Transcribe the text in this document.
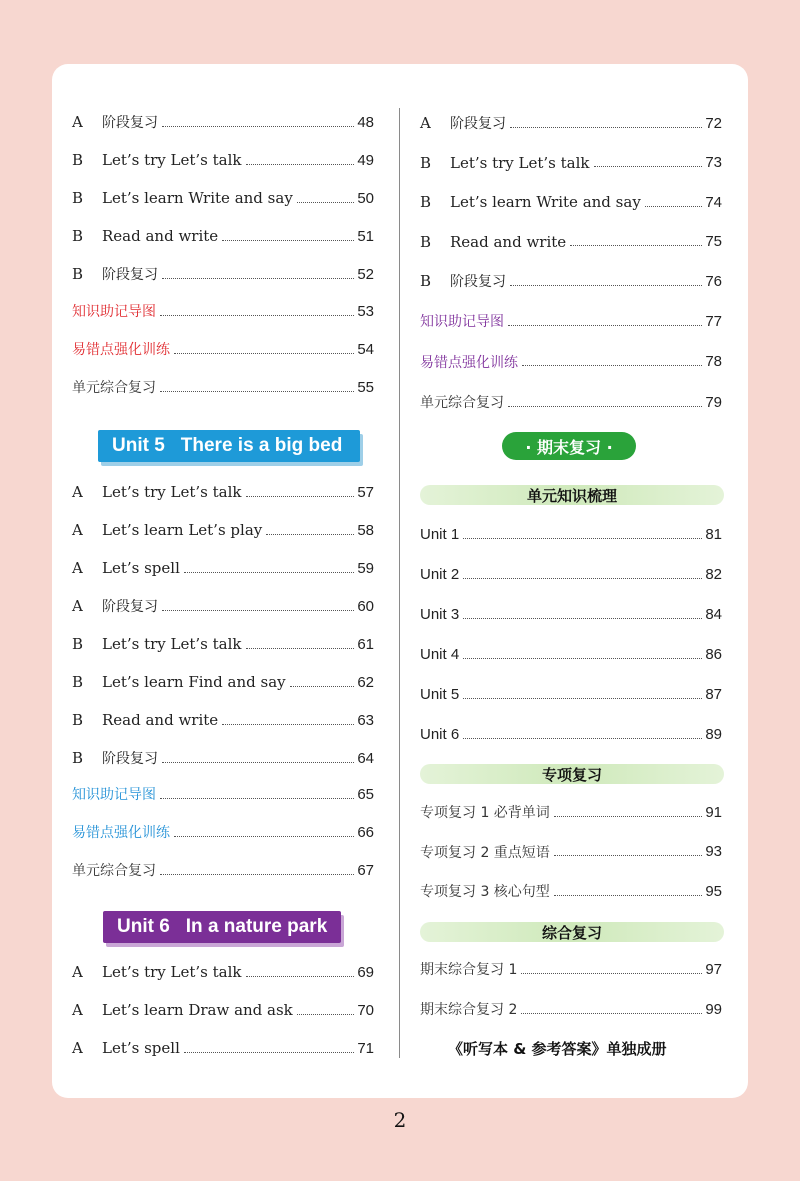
A	阶段复习	48
B	Let’s try Let’s talk	49
B	Let’s learn Write and say	50
B	Read and write	51
B	阶段复习	52
知识助记导图	53
易错点强化训练	54
单元综合复习	55
A	Let’s try Let’s talk	57
A	Let’s learn Let’s play	58
A	Let’s spell	59
A	阶段复习	60
B	Let’s try Let’s talk	61
B	Let’s learn Find and say	62
B	Read and write	63
B	阶段复习	64
知识助记导图	65
易错点强化训练	66
单元综合复习	67
A	Let’s try Let’s talk	69
A	Let’s learn Draw and ask	70
A	Let’s spell	71
A	阶段复习	72
B	Let’s try Let’s talk	73
B	Let’s learn Write and say	74
B	Read and write	75
B	阶段复习	76
知识助记导图	77
易错点强化训练	78
单元综合复习	79
Unit 1	81
Unit 2	82
Unit 3	84
Unit 4	86
Unit 5	87
Unit 6	89
专项复习 1 必背单词	91
专项复习 2 重点短语	93
专项复习 3 核心句型	95
期末综合复习 1	97
期末综合复习 2	99
Unit 5 There is a big bed
Unit 6 In a nature park
· 期末复习 ·
单元知识梳理
专项复习
综合复习
《听写本 & 参考答案》单独成册
2
